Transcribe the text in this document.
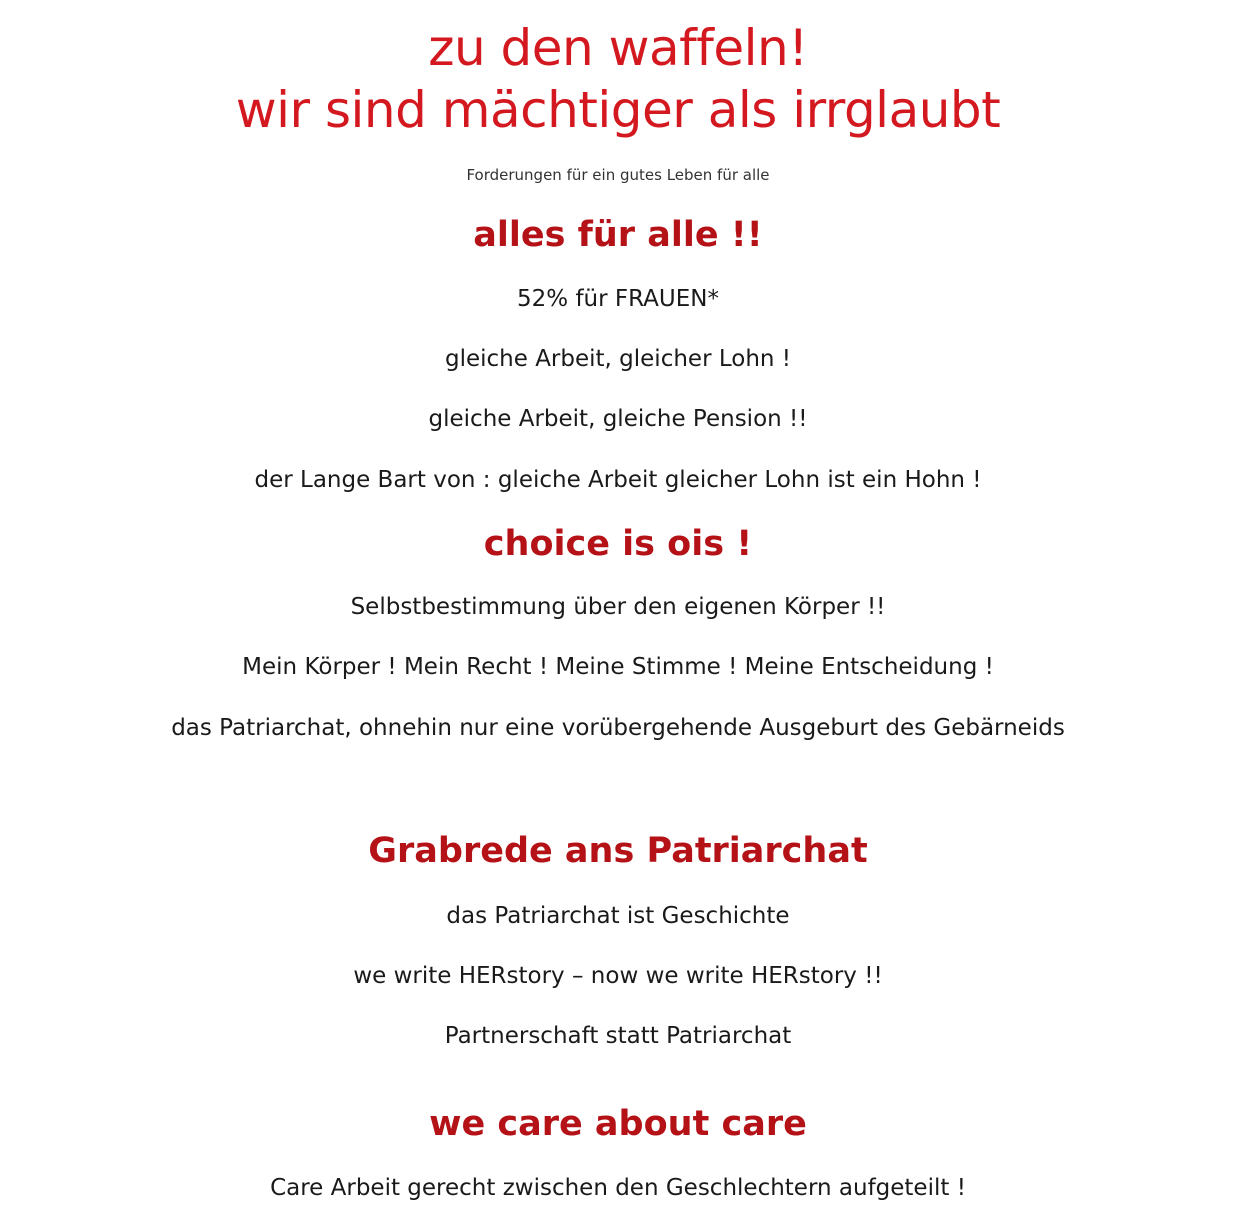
zu den waffeln!
wir sind mächtiger als irrglaubt

Forderungen für ein gutes Leben für alle

alles für alle !!

52% für FRAUEN*

gleiche Arbeit, gleicher Lohn !

gleiche Arbeit, gleiche Pension !!

der Lange Bart von : gleiche Arbeit gleicher Lohn ist ein Hohn !

choice is ois !

Selbstbestimmung über den eigenen Körper !!

Mein Körper ! Mein Recht ! Meine Stimme ! Meine Entscheidung !

das Patriarchat, ohnehin nur eine vorübergehende Ausgeburt des Gebärneids

Grabrede ans Patriarchat

das Patriarchat ist Geschichte

we write HERstory – now we write HERstory !!

Partnerschaft statt Patriarchat

we care about care

Care Arbeit gerecht zwischen den Geschlechtern aufgeteilt !
